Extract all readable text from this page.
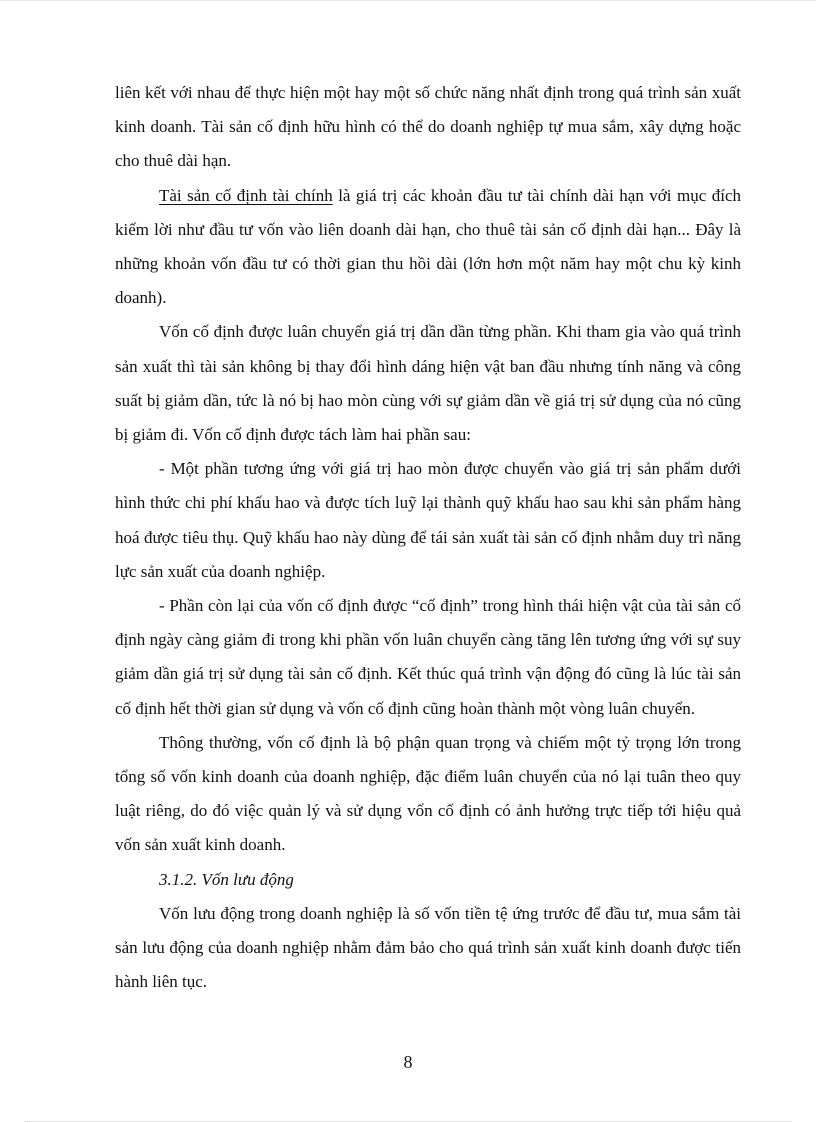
liên kết với nhau để thực hiện một hay một số chức năng nhất định trong quá trình sản xuất kinh doanh. Tài sản cố định hữu hình có thể do doanh nghiệp tự mua sắm, xây dựng hoặc cho thuê dài hạn.

Tài sản cố định tài chính là giá trị các khoản đầu tư tài chính dài hạn với mục đích kiếm lời như đầu tư vốn vào liên doanh dài hạn, cho thuê tài sản cố định dài hạn... Đây là những khoản vốn đầu tư có thời gian thu hồi dài (lớn hơn một năm hay một chu kỳ kinh doanh).

Vốn cố định được luân chuyển giá trị dần dần từng phần. Khi tham gia vào quá trình sản xuất thì tài sản không bị thay đổi hình dáng hiện vật ban đầu nhưng tính năng và công suất bị giảm dần, tức là nó bị hao mòn cùng với sự giảm dần về giá trị sử dụng của nó cũng bị giảm đi. Vốn cố định được tách làm hai phần sau:

- Một phần tương ứng với giá trị hao mòn được chuyển vào giá trị sản phẩm dưới hình thức chi phí khấu hao và được tích luỹ lại thành quỹ khấu hao sau khi sản phẩm hàng hoá được tiêu thụ. Quỹ khấu hao này dùng để tái sản xuất tài sản cố định nhằm duy trì năng lực sản xuất của doanh nghiệp.

- Phần còn lại của vốn cố định được “cố định” trong hình thái hiện vật của tài sản cố định ngày càng giảm đi trong khi phần vốn luân chuyển càng tăng lên tương ứng với sự suy giảm dần giá trị sử dụng tài sản cố định. Kết thúc quá trình vận động đó cũng là lúc tài sản cố định hết thời gian sử dụng và vốn cố định cũng hoàn thành một vòng luân chuyển.

Thông thường, vốn cố định là bộ phận quan trọng và chiếm một tỷ trọng lớn trong tổng số vốn kinh doanh của doanh nghiệp, đặc điểm luân chuyển của nó lại tuân theo quy luật riêng, do đó việc quản lý và sử dụng vốn cố định có ảnh hưởng trực tiếp tới hiệu quả vốn sản xuất kinh doanh.

3.1.2. Vốn lưu động

Vốn lưu động trong doanh nghiệp là số vốn tiền tệ ứng trước để đầu tư, mua sắm tài sản lưu động của doanh nghiệp nhằm đảm bảo cho quá trình sản xuất kinh doanh được tiến hành liên tục.

8
